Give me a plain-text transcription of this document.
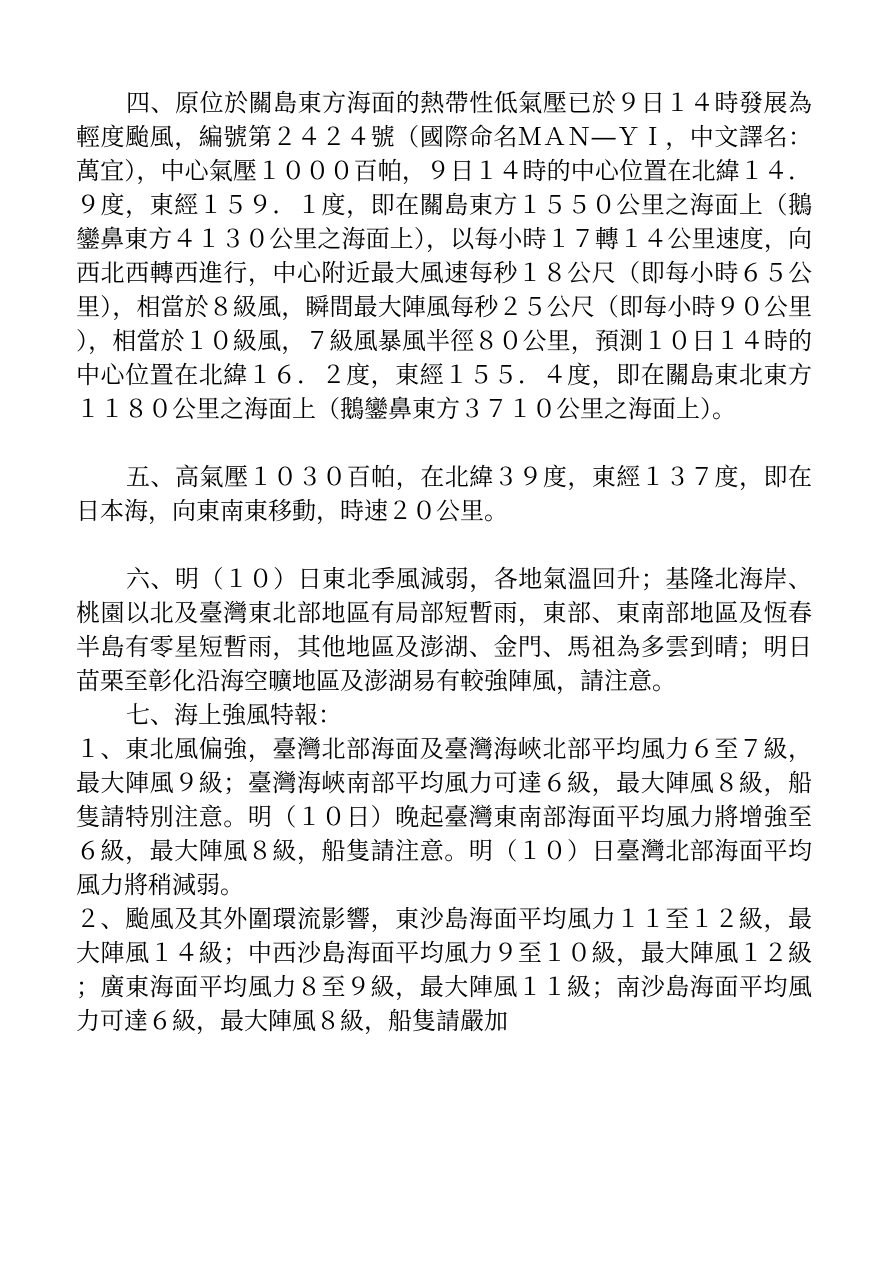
四、原位於關島東方海面的熱帶性低氣壓已於９日１４時發展為輕度颱風，編號第２４２４號（國際命名ＭＡＮ―ＹＩ，中文譯名：萬宜），中心氣壓１０００百帕，９日１４時的中心位置在北緯１４．９度，東經１５９．１度，即在關島東方１５５０公里之海面上（鵝鑾鼻東方４１３０公里之海面上），以每小時１７轉１４公里速度，向西北西轉西進行，中心附近最大風速每秒１８公尺（即每小時６５公里），相當於８級風，瞬間最大陣風每秒２５公尺（即每小時９０公里），相當於１０級風，７級風暴風半徑８０公里，預測１０日１４時的中心位置在北緯１６．２度，東經１５５．４度，即在關島東北東方１１８０公里之海面上（鵝鑾鼻東方３７１０公里之海面上）。

五、高氣壓１０３０百帕，在北緯３９度，東經１３７度，即在日本海，向東南東移動，時速２０公里。

六、明（１０）日東北季風減弱，各地氣溫回升；基隆北海岸、桃園以北及臺灣東北部地區有局部短暫雨，東部、東南部地區及恆春半島有零星短暫雨，其他地區及澎湖、金門、馬祖為多雲到晴；明日苗栗至彰化沿海空曠地區及澎湖易有較強陣風，請注意。

七、海上強風特報：

１、東北風偏強，臺灣北部海面及臺灣海峽北部平均風力６至７級，最大陣風９級；臺灣海峽南部平均風力可達６級，最大陣風８級，船隻請特別注意。明（１０日）晚起臺灣東南部海面平均風力將增強至６級，最大陣風８級，船隻請注意。明（１０）日臺灣北部海面平均風力將稍減弱。

２、颱風及其外圍環流影響，東沙島海面平均風力１１至１２級，最大陣風１４級；中西沙島海面平均風力９至１０級，最大陣風１２級；廣東海面平均風力８至９級，最大陣風１１級；南沙島海面平均風力可達６級，最大陣風８級，船隻請嚴加
